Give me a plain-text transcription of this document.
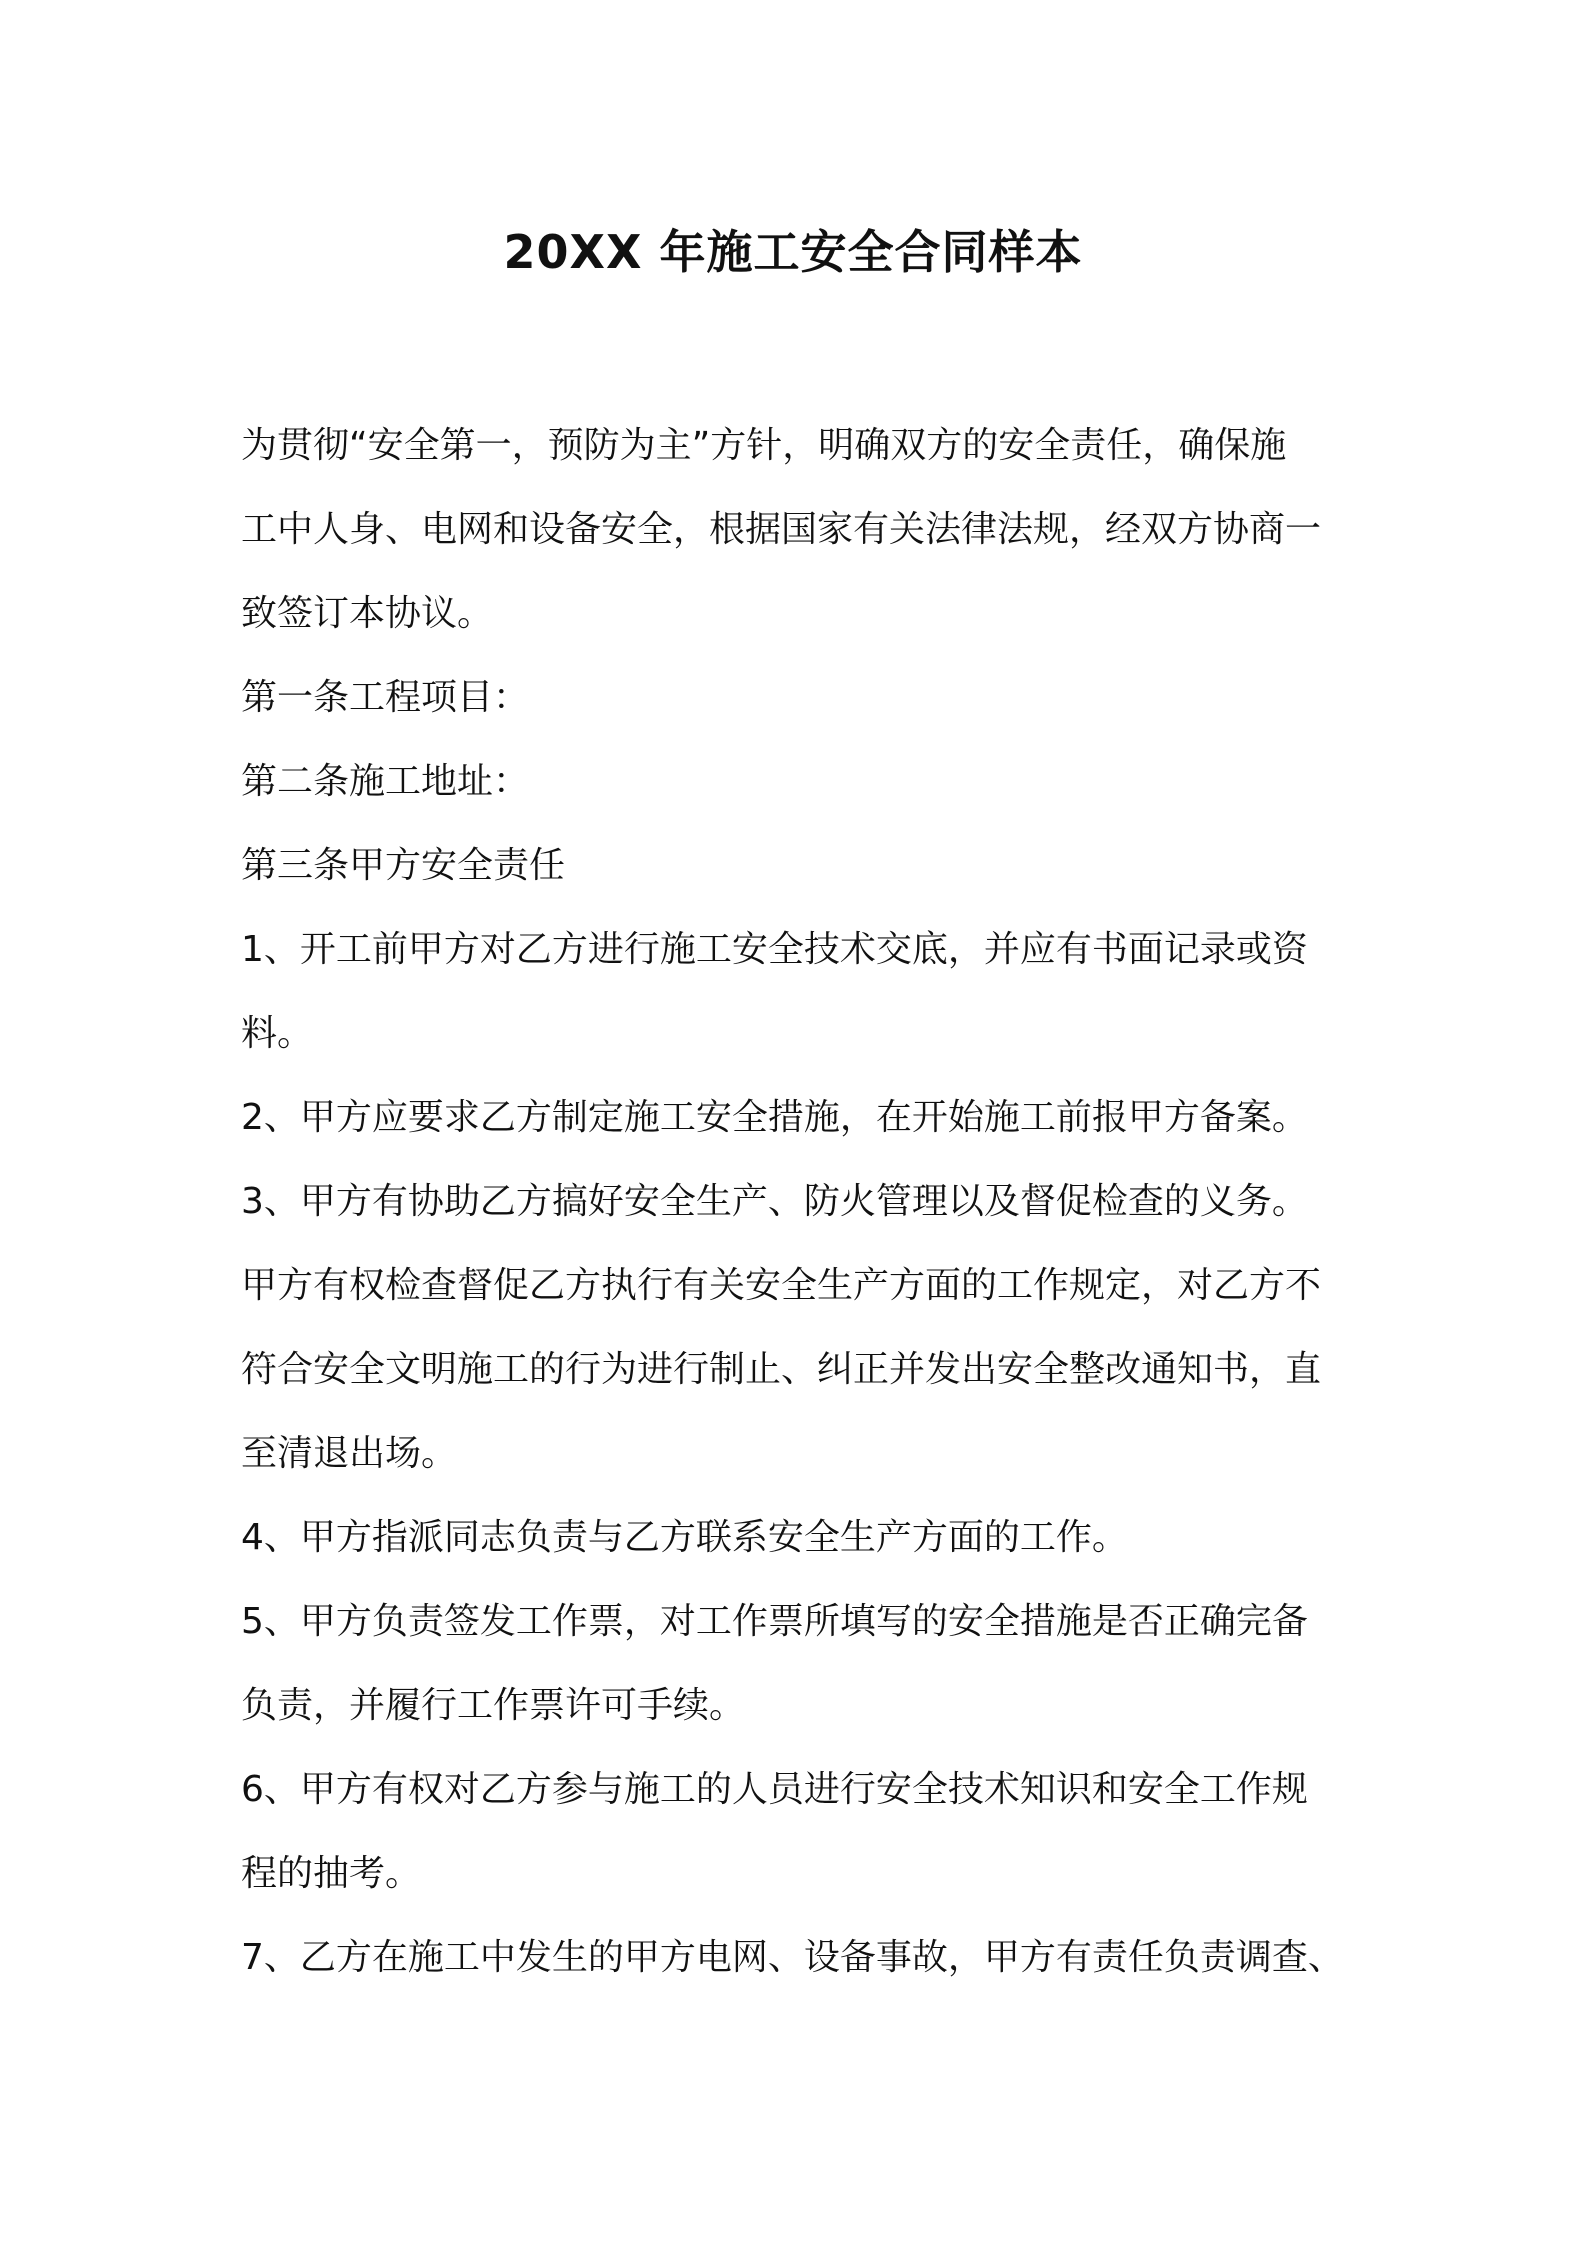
20XX 年施工安全合同样本
为贯彻“安全第一，预防为主”方针，明确双方的安全责任，确保施
工中人身、电网和设备安全，根据国家有关法律法规，经双方协商一
致签订本协议。
第一条工程项目：
第二条施工地址：
第三条甲方安全责任
1、开工前甲方对乙方进行施工安全技术交底，并应有书面记录或资
料。
2、甲方应要求乙方制定施工安全措施，在开始施工前报甲方备案。
3、甲方有协助乙方搞好安全生产、防火管理以及督促检查的义务。
甲方有权检查督促乙方执行有关安全生产方面的工作规定，对乙方不
符合安全文明施工的行为进行制止、纠正并发出安全整改通知书，直
至清退出场。
4、甲方指派同志负责与乙方联系安全生产方面的工作。
5、甲方负责签发工作票，对工作票所填写的安全措施是否正确完备
负责，并履行工作票许可手续。
6、甲方有权对乙方参与施工的人员进行安全技术知识和安全工作规
程的抽考。
7、乙方在施工中发生的甲方电网、设备事故，甲方有责任负责调查、
